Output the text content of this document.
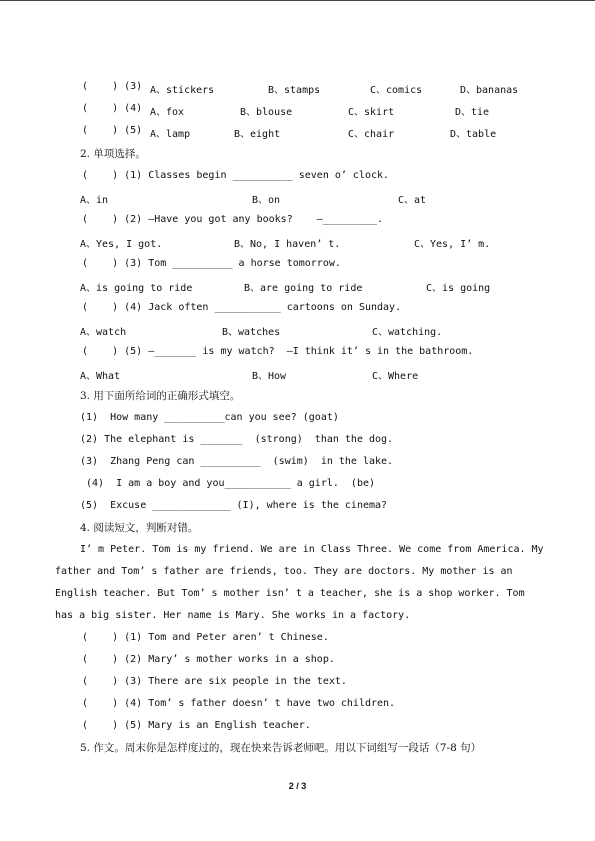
(    ) (3) A、stickers	B、stamps	C、comics	D、bananas
(    ) (4) A、fox	B、blouse	C、skirt	D、tie
(    ) (5) A、lamp	B、eight	C、chair	D、table
2. 单项选择。
(    ) (1) Classes begin __________ seven o’ clock.
A、in	B、on	C、at
(    ) (2) —Have you got any books?    —_________.
A、Yes, I got.	B、No, I haven’ t.	C、Yes, I’ m.
(    ) (3) Tom __________ a horse tomorrow.
A、is going to ride	B、are going to ride	C、is going
(    ) (4) Jack often ___________ cartoons on Sunday.
A、watch	B、watches	C、watching.
(    ) (5) —_______ is my watch?  —I think it’ s in the bathroom.
A、What	B、How	C、Where
3. 用下面所给词的正确形式填空。
(1)  How many __________can you see? (goat)
(2) The elephant is _______  (strong)  than the dog.
(3)  Zhang Peng can __________  (swim)  in the lake.
(4)  I am a boy and you___________ a girl.  (be)
(5)  Excuse _____________ (I), where is the cinema?
4. 阅读短文，判断对错。
I’ m Peter. Tom is my friend. We are in Class Three. We come from America. My
father and Tom’ s father are friends, too. They are doctors. My mother is an
English teacher. But Tom’ s mother isn’ t a teacher, she is a shop worker. Tom
has a big sister. Her name is Mary. She works in a factory.
(    ) (1) Tom and Peter aren’ t Chinese.
(    ) (2) Mary’ s mother works in a shop.
(    ) (3) There are six people in the text.
(    ) (4) Tom’ s father doesn’ t have two children.
(    ) (5) Mary is an English teacher.
5. 作文。周末你是怎样度过的，现在快来告诉老师吧。用以下词组写一段话（7-8 句）
2 / 3
